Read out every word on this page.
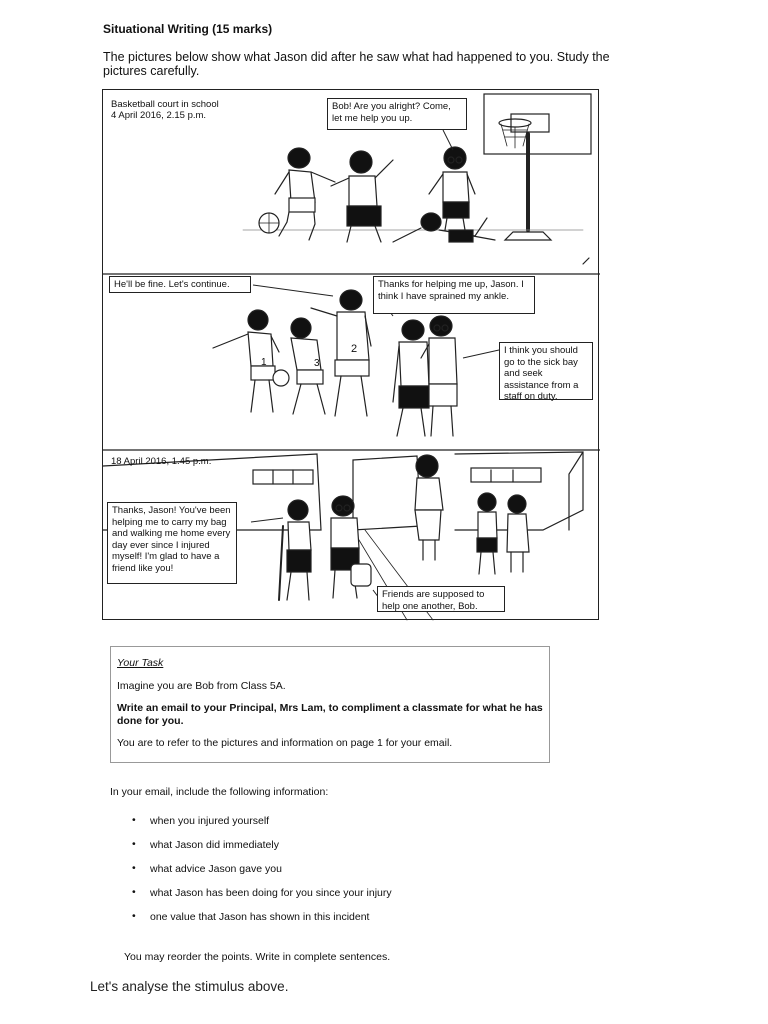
Situational Writing (15 marks)
The pictures below show what Jason did after he saw what had happened to you. Study the pictures carefully.
1	3
2
Basketball court in school
4 April 2016, 2.15 p.m.
Bob! Are you alright? Come, let me help you up.
He'll be fine. Let's continue.	Thanks for helping me up, Jason. I think I have sprained my ankle.
I think you should go to the sick bay and seek assistance from a staff on duty.
18 April 2016, 1.45 p.m.
Thanks, Jason! You've been helping me to carry my bag and walking me home every day ever since I injured myself! I'm glad to have a friend like you!
Friends are supposed to help one another, Bob.
Your Task

Imagine you are Bob from Class 5A.

Write an email to your Principal, Mrs Lam, to compliment a classmate for what he has done for you.

You are to refer to the pictures and information on page 1 for your email.

In your email, include the following information:
• when you injured yourself
• what Jason did immediately
• what advice Jason gave you
• what Jason has been doing for you since your injury
• one value that Jason has shown in this incident
You may reorder the points. Write in complete sentences.
Let's analyse the stimulus above.
